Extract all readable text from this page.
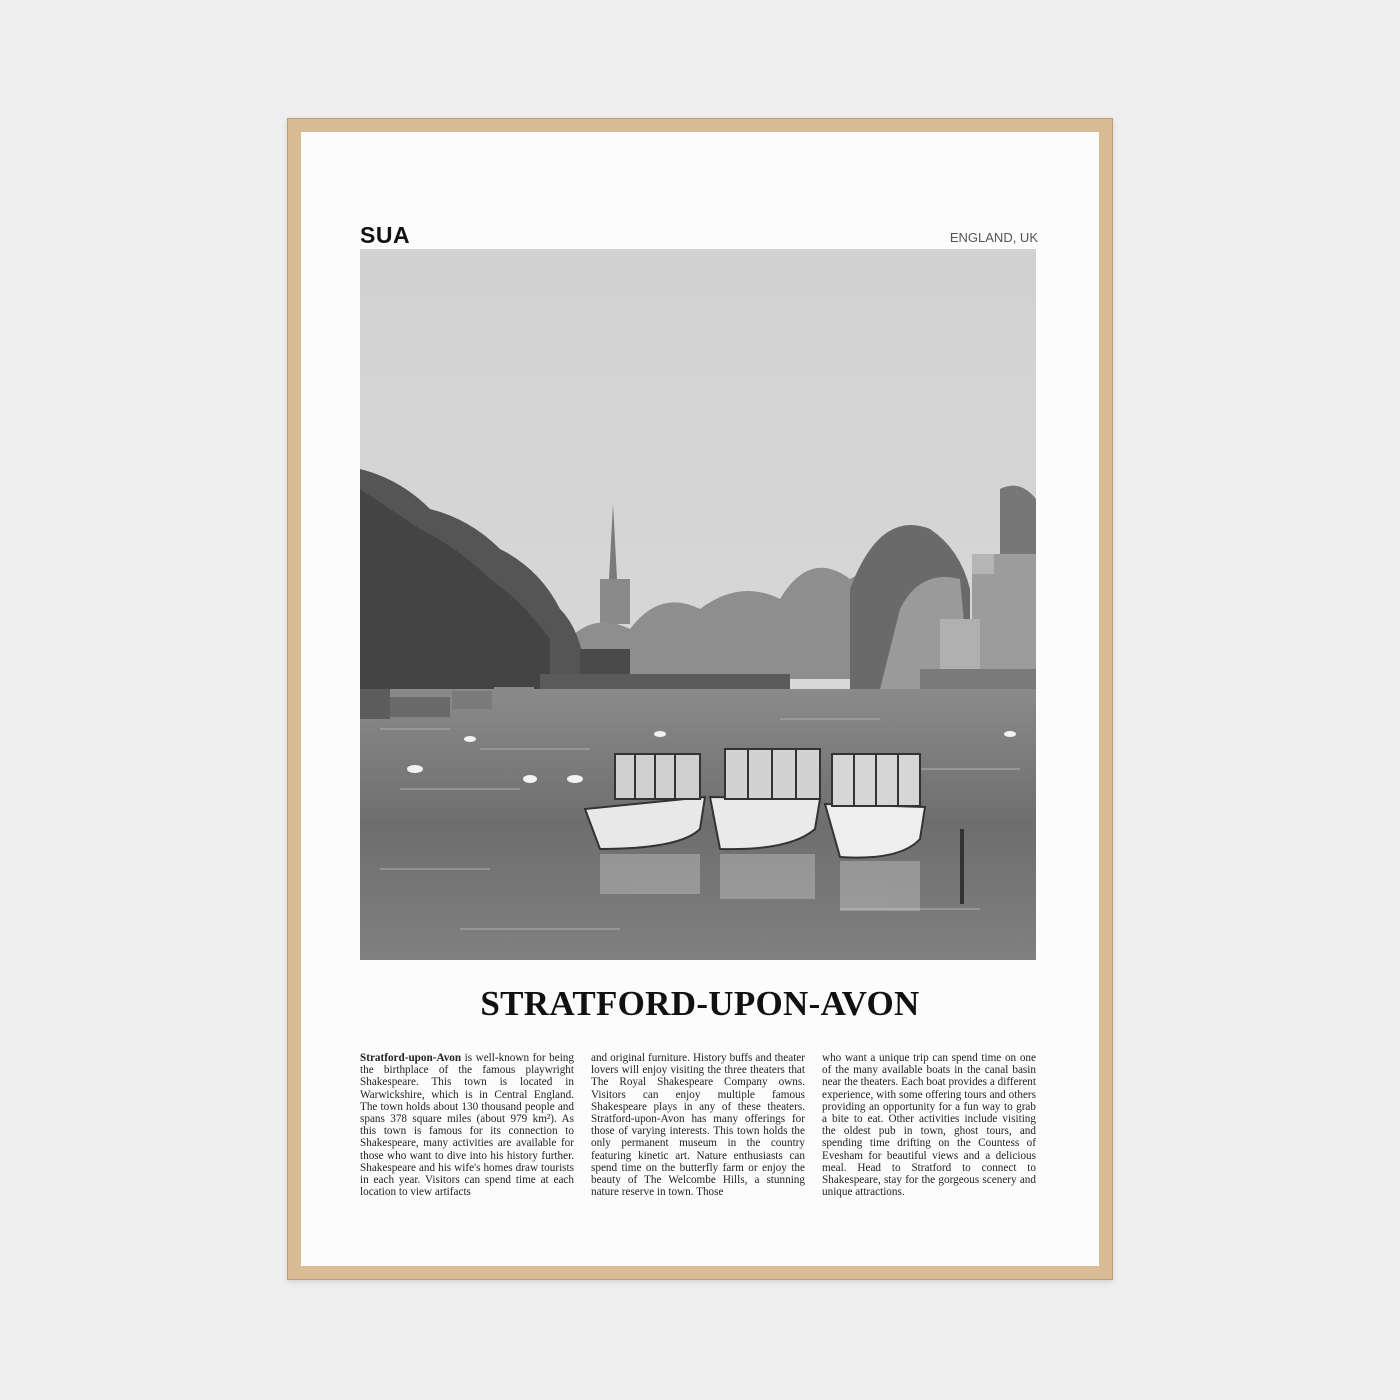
SUA	ENGLAND, UK
STRATFORD-UPON-AVON
Stratford-upon-Avon is well-known for being the birthplace of the famous playwright Shakespeare. This town is located in Warwickshire, which is in Central England. The town holds about 130 thousand people and spans 378 square miles (about 979 km²). As this town is famous for its connection to Shakespeare, many activities are available for those who want to dive into his history further. Shakespeare and his wife's homes draw tourists in each year. Visitors can spend time at each location to view artifacts
and original furniture. History buffs and theater lovers will enjoy visiting the three theaters that The Royal Shakespeare Company owns. Visitors can enjoy multiple famous Shakespeare plays in any of these theaters. Stratford-upon-Avon has many offerings for those of varying interests. This town holds the only permanent museum in the country featuring kinetic art. Nature enthusiasts can spend time on the butterfly farm or enjoy the beauty of The Welcombe Hills, a stunning nature reserve in town. Those
who want a unique trip can spend time on one of the many available boats in the canal basin near the theaters. Each boat provides a different experience, with some offering tours and others providing an opportunity for a fun way to grab a bite to eat. Other activities include visiting the oldest pub in town, ghost tours, and spending time drifting on the Countess of Evesham for beautiful views and a delicious meal. Head to Stratford to connect to Shakespeare, stay for the gorgeous scenery and unique attractions.
